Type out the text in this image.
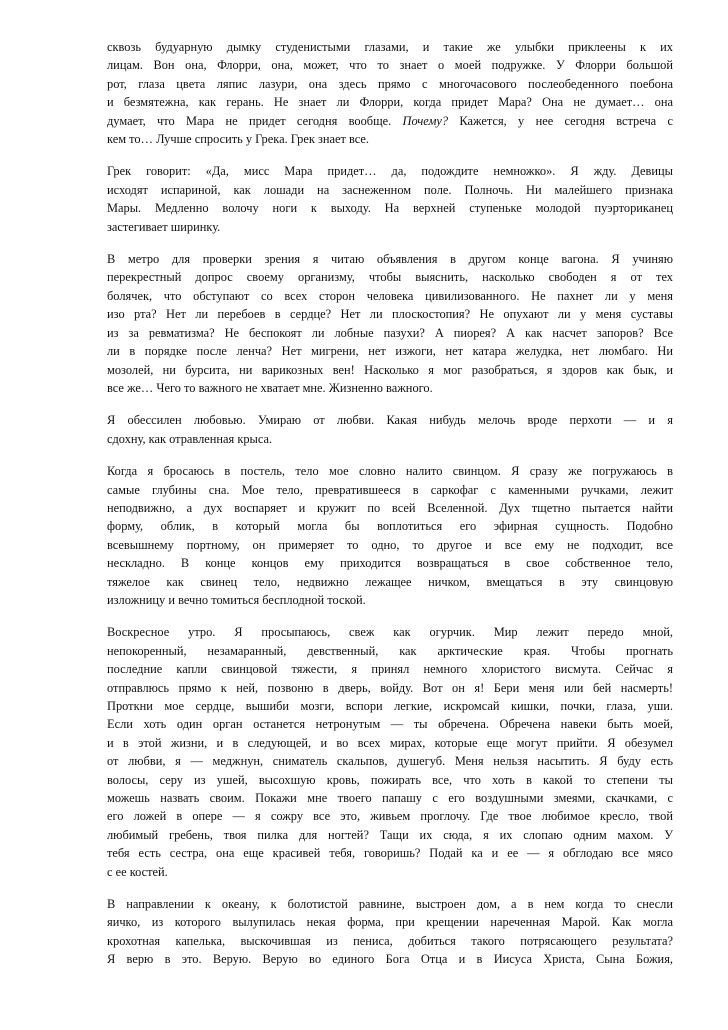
сквозь будуарную дымку студенистыми глазами, и такие же улыбки приклеены к их
лицам. Вон она, Флорри, она, может, что то знает о моей подружке. У Флорри большой
рот, глаза цвета ляпис лазури, она здесь прямо с многочасового послеобеденного поебона
и безмятежна, как герань. Не знает ли Флорри, когда придет Мара? Она не думает… она
думает, что Мара не придет сегодня вообще. Почему? Кажется, у нее сегодня встреча с
кем то… Лучше спросить у Грека. Грек знает все.

Грек говорит: «Да, мисс Мара придет… да, подождите немножко». Я жду. Девицы
исходят испариной, как лошади на заснеженном поле. Полночь. Ни малейшего признака
Мары. Медленно волочу ноги к выходу. На верхней ступеньке молодой пуэрториканец
застегивает ширинку.

В метро для проверки зрения я читаю объявления в другом конце вагона. Я учиняю
перекрестный допрос своему организму, чтобы выяснить, насколько свободен я от тех
болячек, что обступают со всех сторон человека цивилизованного. Не пахнет ли у меня
изо рта? Нет ли перебоев в сердце? Нет ли плоскостопия? Не опухают ли у меня суставы
из за ревматизма? Не беспокоят ли лобные пазухи? А пиорея? А как насчет запоров? Все
ли в порядке после ленча? Нет мигрени, нет изжоги, нет катара желудка, нет люмбаго. Ни
мозолей, ни бурсита, ни варикозных вен! Насколько я мог разобраться, я здоров как бык, и
все же… Чего то важного не хватает мне. Жизненно важного.

Я обессилен любовью. Умираю от любви. Какая нибудь мелочь вроде перхоти — и я
сдохну, как отравленная крыса.

Когда я бросаюсь в постель, тело мое словно налито свинцом. Я сразу же погружаюсь в
самые глубины сна. Мое тело, превратившееся в саркофаг с каменными ручками, лежит
неподвижно, а дух воспаряет и кружит по всей Вселенной. Дух тщетно пытается найти
форму, облик, в который могла бы воплотиться его эфирная сущность. Подобно
всевышнему портному, он примеряет то одно, то другое и все ему не подходит, все
нескладно. В конце концов ему приходится возвращаться в свое собственное тело,
тяжелое как свинец тело, недвижно лежащее ничком, вмещаться в эту свинцовую
изложницу и вечно томиться бесплодной тоской.

Воскресное утро. Я просыпаюсь, свеж как огурчик. Мир лежит передо мной,
непокоренный, незамаранный, девственный, как арктические края. Чтобы прогнать
последние капли свинцовой тяжести, я принял немного хлористого висмута. Сейчас я
отправлюсь прямо к ней, позвоню в дверь, войду. Вот он я! Бери меня или бей насмерть!
Проткни мое сердце, вышиби мозги, вспори легкие, искромсай кишки, почки, глаза, уши.
Если хоть один орган останется нетронутым — ты обречена. Обречена навеки быть моей,
и в этой жизни, и в следующей, и во всех мирах, которые еще могут прийти. Я обезумел
от любви, я — меджнун, сниматель скальпов, душегуб. Меня нельзя насытить. Я буду есть
волосы, серу из ушей, высохшую кровь, пожирать все, что хоть в какой то степени ты
можешь назвать своим. Покажи мне твоего папашу с его воздушными змеями, скачками, с
его ложей в опере — я сожру все это, живьем проглочу. Где твое любимое кресло, твой
любимый гребень, твоя пилка для ногтей? Тащи их сюда, я их слопаю одним махом. У
тебя есть сестра, она еще красивей тебя, говоришь? Подай ка и ее — я обглодаю все мясо
с ее костей.

В направлении к океану, к болотистой равнине, выстроен дом, а в нем когда то снесли
яичко, из которого вылупилась некая форма, при крещении нареченная Марой. Как могла
крохотная капелька, выскочившая из пениса, добиться такого потрясающего результата?
Я верю в это. Верую. Верую во единого Бога Отца и в Иисуса Христа, Сына Божия,
